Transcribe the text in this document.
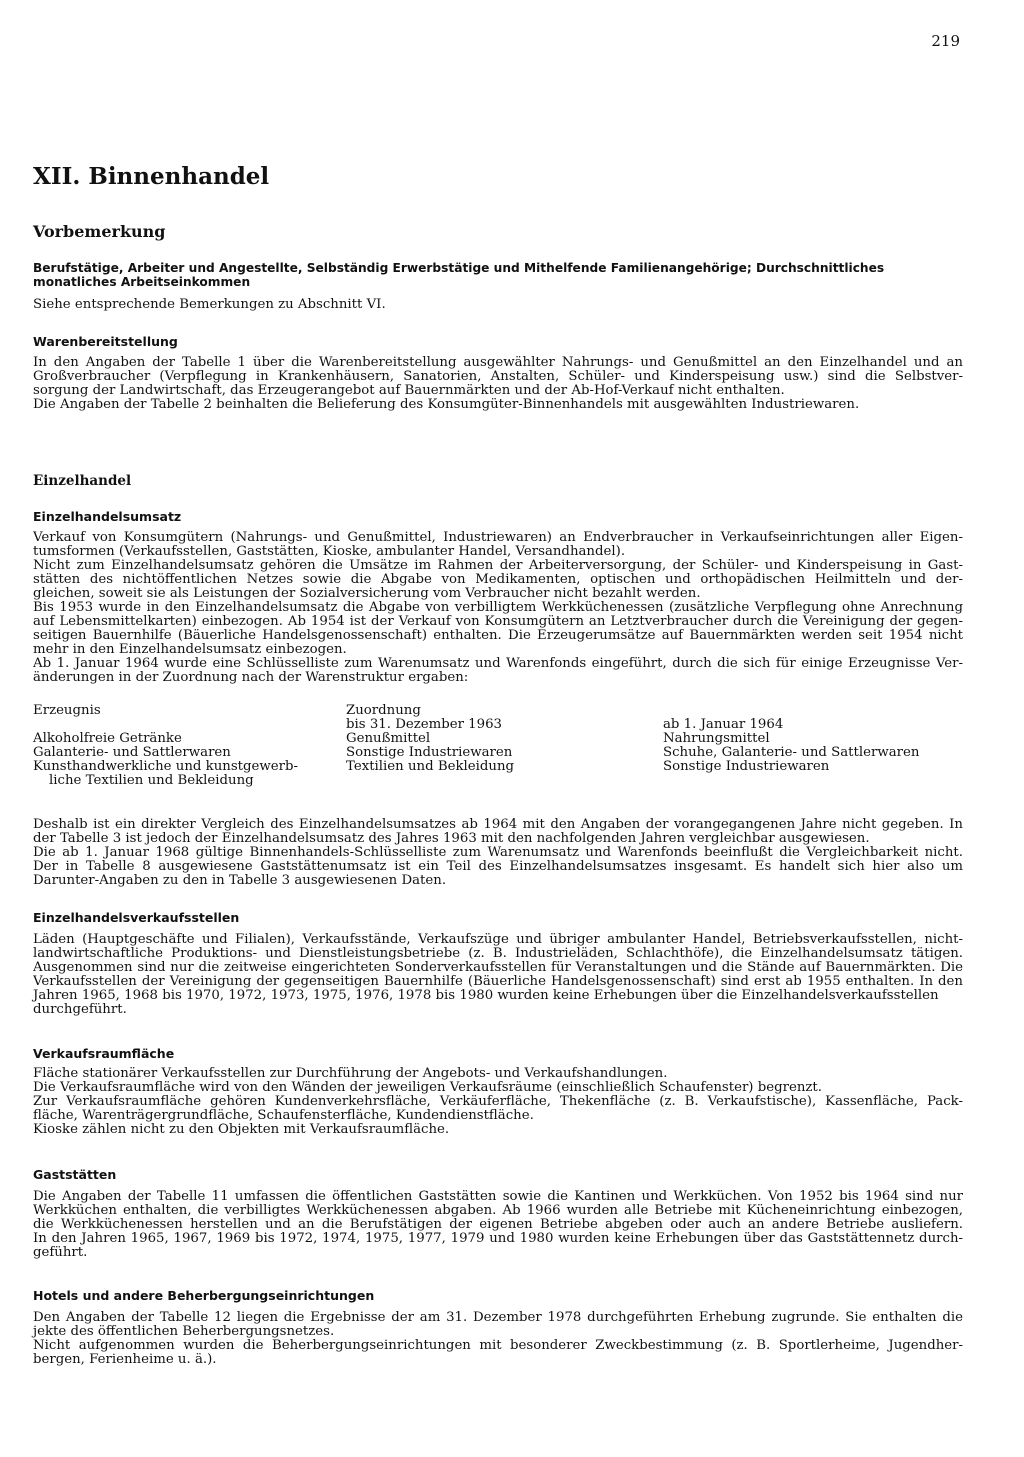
219
XII. Binnenhandel
Vorbemerkung

Berufstätige, Arbeiter und Angestellte, Selbständig Erwerbstätige und Mithelfende Familienangehörige; Durchschnittliches monatliches Arbeitseinkommen

Siehe entsprechende Bemerkungen zu Abschnitt VI.

Warenbereitstellung

In den Angaben der Tabelle 1 über die Warenbereitstellung ausgewählter Nahrungs- und Genußmittel an den Einzelhandel und an
Großverbraucher (Verpflegung in Krankenhäusern, Sanatorien, Anstalten, Schüler- und Kinderspeisung usw.) sind die Selbstver-
sorgung der Landwirtschaft, das Erzeugerangebot auf Bauernmärkten und der Ab-Hof-Verkauf nicht enthalten.
Die Angaben der Tabelle 2 beinhalten die Belieferung des Konsumgüter-Binnenhandels mit ausgewählten Industriewaren.

Einzelhandel
Einzelhandelsumsatz

Verkauf von Konsumgütern (Nahrungs- und Genußmittel, Industriewaren) an Endverbraucher in Verkaufseinrichtungen aller Eigen-
tumsformen (Verkaufsstellen, Gaststätten, Kioske, ambulanter Handel, Versandhandel).
Nicht zum Einzelhandelsumsatz gehören die Umsätze im Rahmen der Arbeiterversorgung, der Schüler- und Kinderspeisung in Gast-
stätten des nichtöffentlichen Netzes sowie die Abgabe von Medikamenten, optischen und orthopädischen Heilmitteln und der-
gleichen, soweit sie als Leistungen der Sozialversicherung vom Verbraucher nicht bezahlt werden.
Bis 1953 wurde in den Einzelhandelsumsatz die Abgabe von verbilligtem Werkküchenessen (zusätzliche Verpflegung ohne Anrechnung
auf Lebensmittelkarten) einbezogen. Ab 1954 ist der Verkauf von Konsumgütern an Letztverbraucher durch die Vereinigung der gegen-
seitigen Bauernhilfe (Bäuerliche Handelsgenossenschaft) enthalten. Die Erzeugerumsätze auf Bauernmärkten werden seit 1954 nicht
mehr in den Einzelhandelsumsatz einbezogen.
Ab 1. Januar 1964 wurde eine Schlüsselliste zum Warenumsatz und Warenfonds eingeführt, durch die sich für einige Erzeugnisse Ver-
änderungen in der Zuordnung nach der Warenstruktur ergaben:

Erzeugnis

Alkoholfreie Getränke
Galanterie- und Sattlerwaren
Kunsthandwerkliche und kunstgewerb-
liche Textilien und Bekleidung
Zuordnung
bis 31. Dezember 1963
Genußmittel
Sonstige Industriewaren
Textilien und Bekleidung
ab 1. Januar 1964
Nahrungsmittel
Schuhe, Galanterie- und Sattlerwaren
Sonstige Industriewaren

Deshalb ist ein direkter Vergleich des Einzelhandelsumsatzes ab 1964 mit den Angaben der vorangegangenen Jahre nicht gegeben. In
der Tabelle 3 ist jedoch der Einzelhandelsumsatz des Jahres 1963 mit den nachfolgenden Jahren vergleichbar ausgewiesen.
Die ab 1. Januar 1968 gültige Binnenhandels-Schlüsselliste zum Warenumsatz und Warenfonds beeinflußt die Vergleichbarkeit nicht.
Der in Tabelle 8 ausgewiesene Gaststättenumsatz ist ein Teil des Einzelhandelsumsatzes insgesamt. Es handelt sich hier also um
Darunter-Angaben zu den in Tabelle 3 ausgewiesenen Daten.

Einzelhandelsverkaufsstellen

Läden (Hauptgeschäfte und Filialen), Verkaufsstände, Verkaufszüge und übriger ambulanter Handel, Betriebsverkaufsstellen, nicht-
landwirtschaftliche Produktions- und Dienstleistungsbetriebe (z. B. Industrieläden, Schlachthöfe), die Einzelhandelsumsatz tätigen.
Ausgenommen sind nur die zeitweise eingerichteten Sonderverkaufsstellen für Veranstaltungen und die Stände auf Bauernmärkten. Die
Verkaufsstellen der Vereinigung der gegenseitigen Bauernhilfe (Bäuerliche Handelsgenossenschaft) sind erst ab 1955 enthalten. In den
Jahren 1965, 1968 bis 1970, 1972, 1973, 1975, 1976, 1978 bis 1980 wurden keine Erhebungen über die Einzelhandelsverkaufsstellen
durchgeführt.

Verkaufsraumfläche

Fläche stationärer Verkaufsstellen zur Durchführung der Angebots- und Verkaufshandlungen.
Die Verkaufsraumfläche wird von den Wänden der jeweiligen Verkaufsräume (einschließlich Schaufenster) begrenzt.
Zur Verkaufsraumfläche gehören Kundenverkehrsfläche, Verkäuferfläche, Thekenfläche (z. B. Verkaufstische), Kassenfläche, Pack-
fläche, Warenträgergrundfläche, Schaufensterfläche, Kundendienstfläche.
Kioske zählen nicht zu den Objekten mit Verkaufsraumfläche.

Gaststätten

Die Angaben der Tabelle 11 umfassen die öffentlichen Gaststätten sowie die Kantinen und Werkküchen. Von 1952 bis 1964 sind nur
Werkküchen enthalten, die verbilligtes Werkküchenessen abgaben. Ab 1966 wurden alle Betriebe mit Kücheneinrichtung einbezogen,
die Werkküchenessen herstellen und an die Berufstätigen der eigenen Betriebe abgeben oder auch an andere Betriebe ausliefern.
In den Jahren 1965, 1967, 1969 bis 1972, 1974, 1975, 1977, 1979 und 1980 wurden keine Erhebungen über das Gaststättennetz durch-
geführt.

Hotels und andere Beherbergungseinrichtungen

Den Angaben der Tabelle 12 liegen die Ergebnisse der am 31. Dezember 1978 durchgeführten Erhebung zugrunde. Sie enthalten die
jekte des öffentlichen Beherbergungsnetzes.
Nicht aufgenommen wurden die Beherbergungseinrichtungen mit besonderer Zweckbestimmung (z. B. Sportlerheime, Jugendher-
bergen, Ferienheime u. ä.).
